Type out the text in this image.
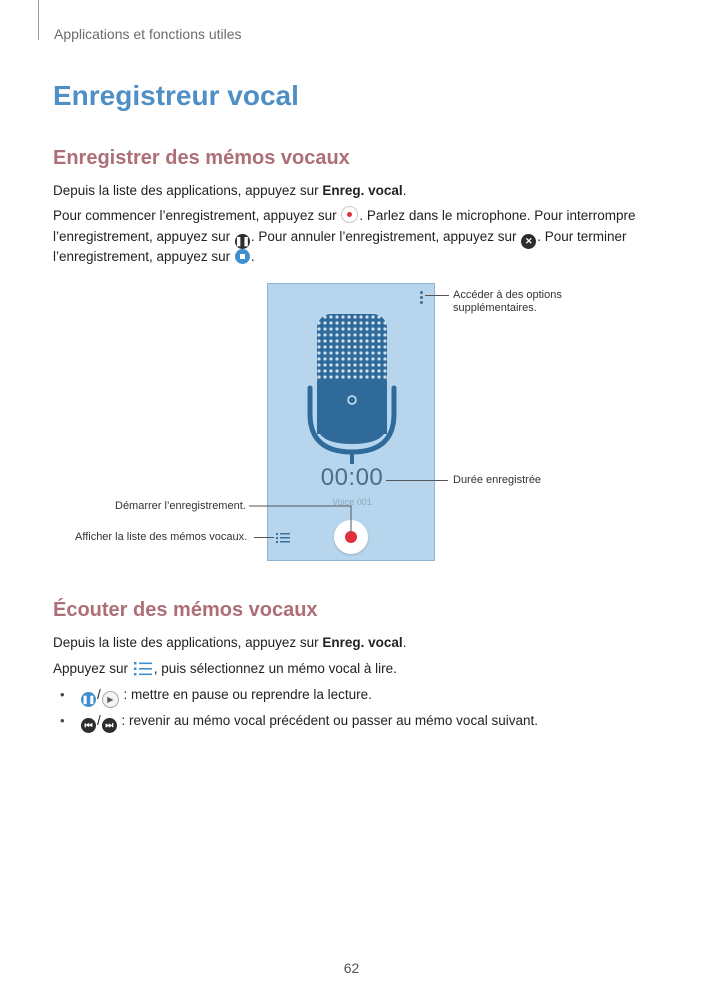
Applications et fonctions utiles
Enregistreur vocal
Enregistrer des mémos vocaux
Depuis la liste des applications, appuyez sur Enreg. vocal.
Pour commencer l’enregistrement, appuyez sur . Parlez dans le microphone. Pour interrompre
l’enregistrement, appuyez sur ❚❚. Pour annuler l’enregistrement, appuyez sur ✕ . Pour terminer
l’enregistrement, appuyez sur .
00:00
Voice 001
Accéder à des options supplémentaires.
Durée enregistrée
Démarrer l’enregistrement.
Afficher la liste des mémos vocaux.
Écouter des mémos vocaux
Depuis la liste des applications, appuyez sur Enreg. vocal.
Appuyez sur , puis sélectionnez un mémo vocal à lire.
• ❚❚ / ▶ : mettre en pause ou reprendre la lecture.
•	⏮ / ⏭ : revenir au mémo vocal précédent ou passer au mémo vocal suivant.
62
